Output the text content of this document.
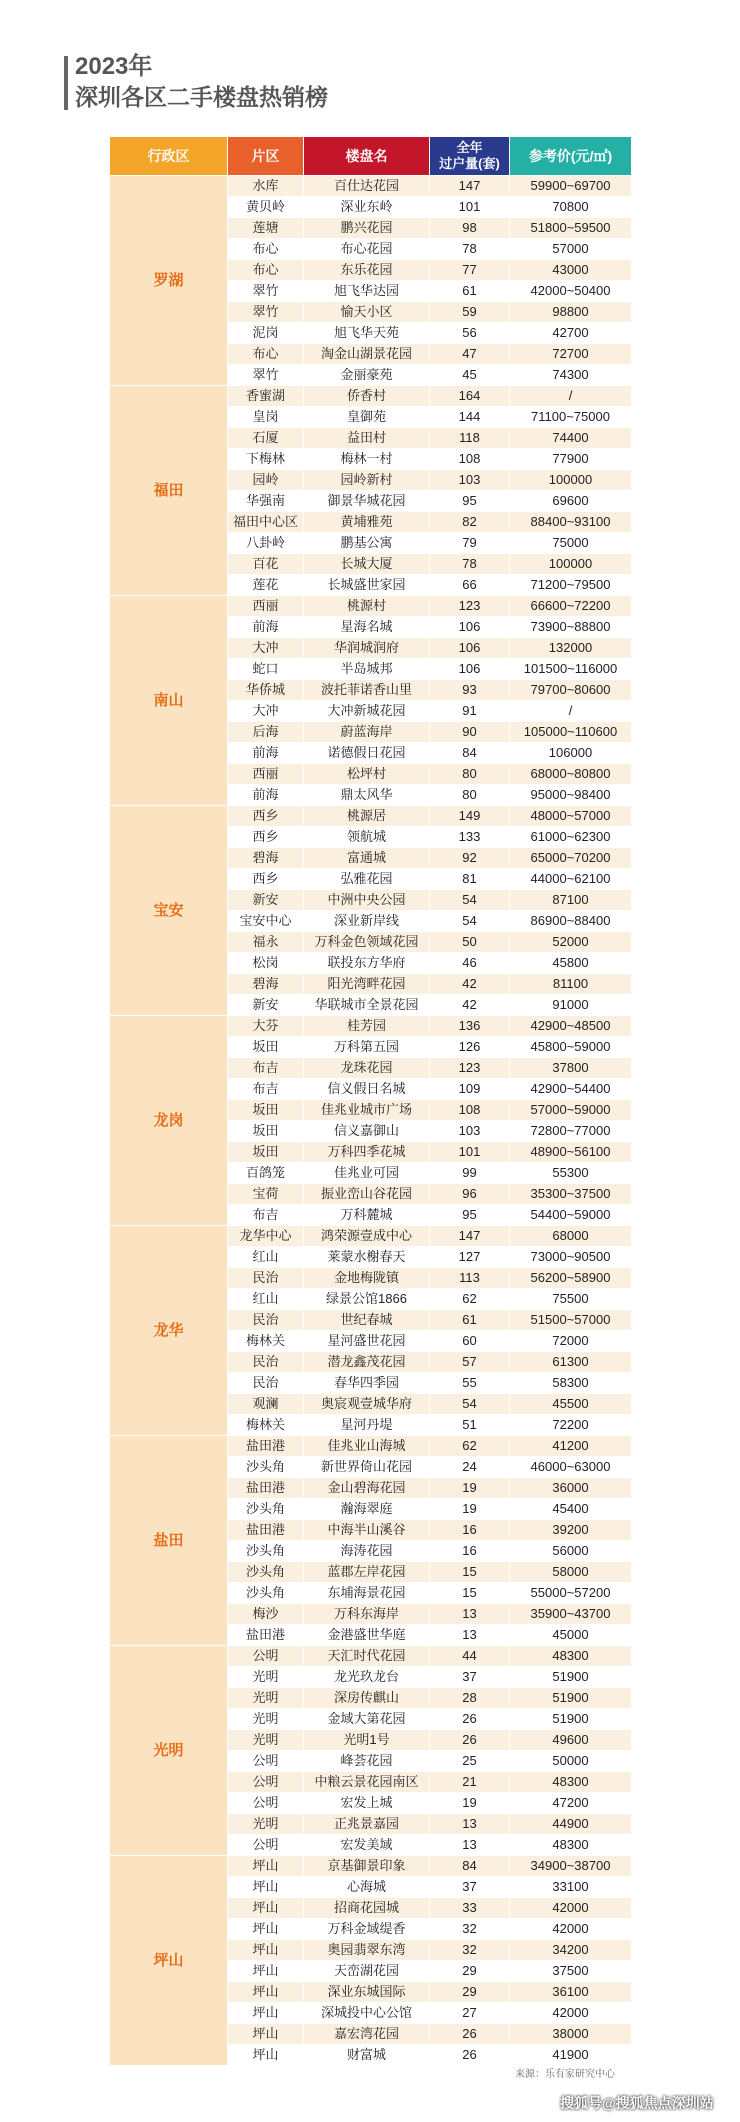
2023年
深圳各区二手楼盘热销榜
行政区	片区	楼盘名	全年
过户量(套)	参考价(元/㎡)
罗湖	水库	百仕达花园	147	59900~69700
	黄贝岭	深业东岭	101	70800
	莲塘	鹏兴花园	98	51800~59500
	布心	布心花园	78	57000
	布心	东乐花园	77	43000
	翠竹	旭飞华达园	61	42000~50400
	翠竹	愉天小区	59	98800
	泥岗	旭飞华天苑	56	42700
	布心	淘金山湖景花园	47	72700
	翠竹	金丽豪苑	45	74300
福田	香蜜湖	侨香村	164	/
	皇岗	皇御苑	144	71100~75000
	石厦	益田村	118	74400
	下梅林	梅林一村	108	77900
	园岭	园岭新村	103	100000
	华强南	御景华城花园	95	69600
	福田中心区	黄埔雅苑	82	88400~93100
	八卦岭	鹏基公寓	79	75000
	百花	长城大厦	78	100000
	莲花	长城盛世家园	66	71200~79500
南山	西丽	桃源村	123	66600~72200
	前海	星海名城	106	73900~88800
	大冲	华润城润府	106	132000
	蛇口	半岛城邦	106	101500~116000
	华侨城	波托菲诺香山里	93	79700~80600
	大冲	大冲新城花园	91	/
	后海	蔚蓝海岸	90	105000~110600
	前海	诺德假日花园	84	106000
	西丽	松坪村	80	68000~80800
	前海	鼎太风华	80	95000~98400
宝安	西乡	桃源居	149	48000~57000
	西乡	领航城	133	61000~62300
	碧海	富通城	92	65000~70200
	西乡	弘雅花园	81	44000~62100
	新安	中洲中央公园	54	87100
	宝安中心	深业新岸线	54	86900~88400
	福永	万科金色领域花园	50	52000
	松岗	联投东方华府	46	45800
	碧海	阳光湾畔花园	42	81100
	新安	华联城市全景花园	42	91000
龙岗	大芬	桂芳园	136	42900~48500
	坂田	万科第五园	126	45800~59000
	布吉	龙珠花园	123	37800
	布吉	信义假日名城	109	42900~54400
	坂田	佳兆业城市广场	108	57000~59000
	坂田	信义嘉御山	103	72800~77000
	坂田	万科四季花城	101	48900~56100
	百鸽笼	佳兆业可园	99	55300
	宝荷	振业峦山谷花园	96	35300~37500
	布吉	万科麓城	95	54400~59000
龙华	龙华中心	鸿荣源壹成中心	147	68000
	红山	莱蒙水榭春天	127	73000~90500
	民治	金地梅陇镇	113	56200~58900
	红山	绿景公馆1866	62	75500
	民治	世纪春城	61	51500~57000
	梅林关	星河盛世花园	60	72000
	民治	潜龙鑫茂花园	57	61300
	民治	春华四季园	55	58300
	观澜	奥宸观壹城华府	54	45500
	梅林关	星河丹堤	51	72200
盐田	盐田港	佳兆业山海城	62	41200
	沙头角	新世界倚山花园	24	46000~63000
	盐田港	金山碧海花园	19	36000
	沙头角	瀚海翠庭	19	45400
	盐田港	中海半山溪谷	16	39200
	沙头角	海涛花园	16	56000
	沙头角	蓝郡左岸花园	15	58000
	沙头角	东埔海景花园	15	55000~57200
	梅沙	万科东海岸	13	35900~43700
	盐田港	金港盛世华庭	13	45000
光明	公明	天汇时代花园	44	48300
	光明	龙光玖龙台	37	51900
	光明	深房传麒山	28	51900
	光明	金域大第花园	26	51900
	光明	光明1号	26	49600
	公明	峰荟花园	25	50000
	公明	中粮云景花园南区	21	48300
	公明	宏发上城	19	47200
	光明	正兆景嘉园	13	44900
	公明	宏发美域	13	48300
坪山	坪山	京基御景印象	84	34900~38700
	坪山	心海城	37	33100
	坪山	招商花园城	33	42000
	坪山	万科金域缇香	32	42000
	坪山	奥园翡翠东湾	32	34200
	坪山	天峦湖花园	29	37500
	坪山	深业东城国际	29	36100
	坪山	深城投中心公馆	27	42000
	坪山	嘉宏湾花园	26	38000
	坪山	财富城	26	41900
来源：乐有家研究中心
搜狐号@搜狐焦点深圳站
